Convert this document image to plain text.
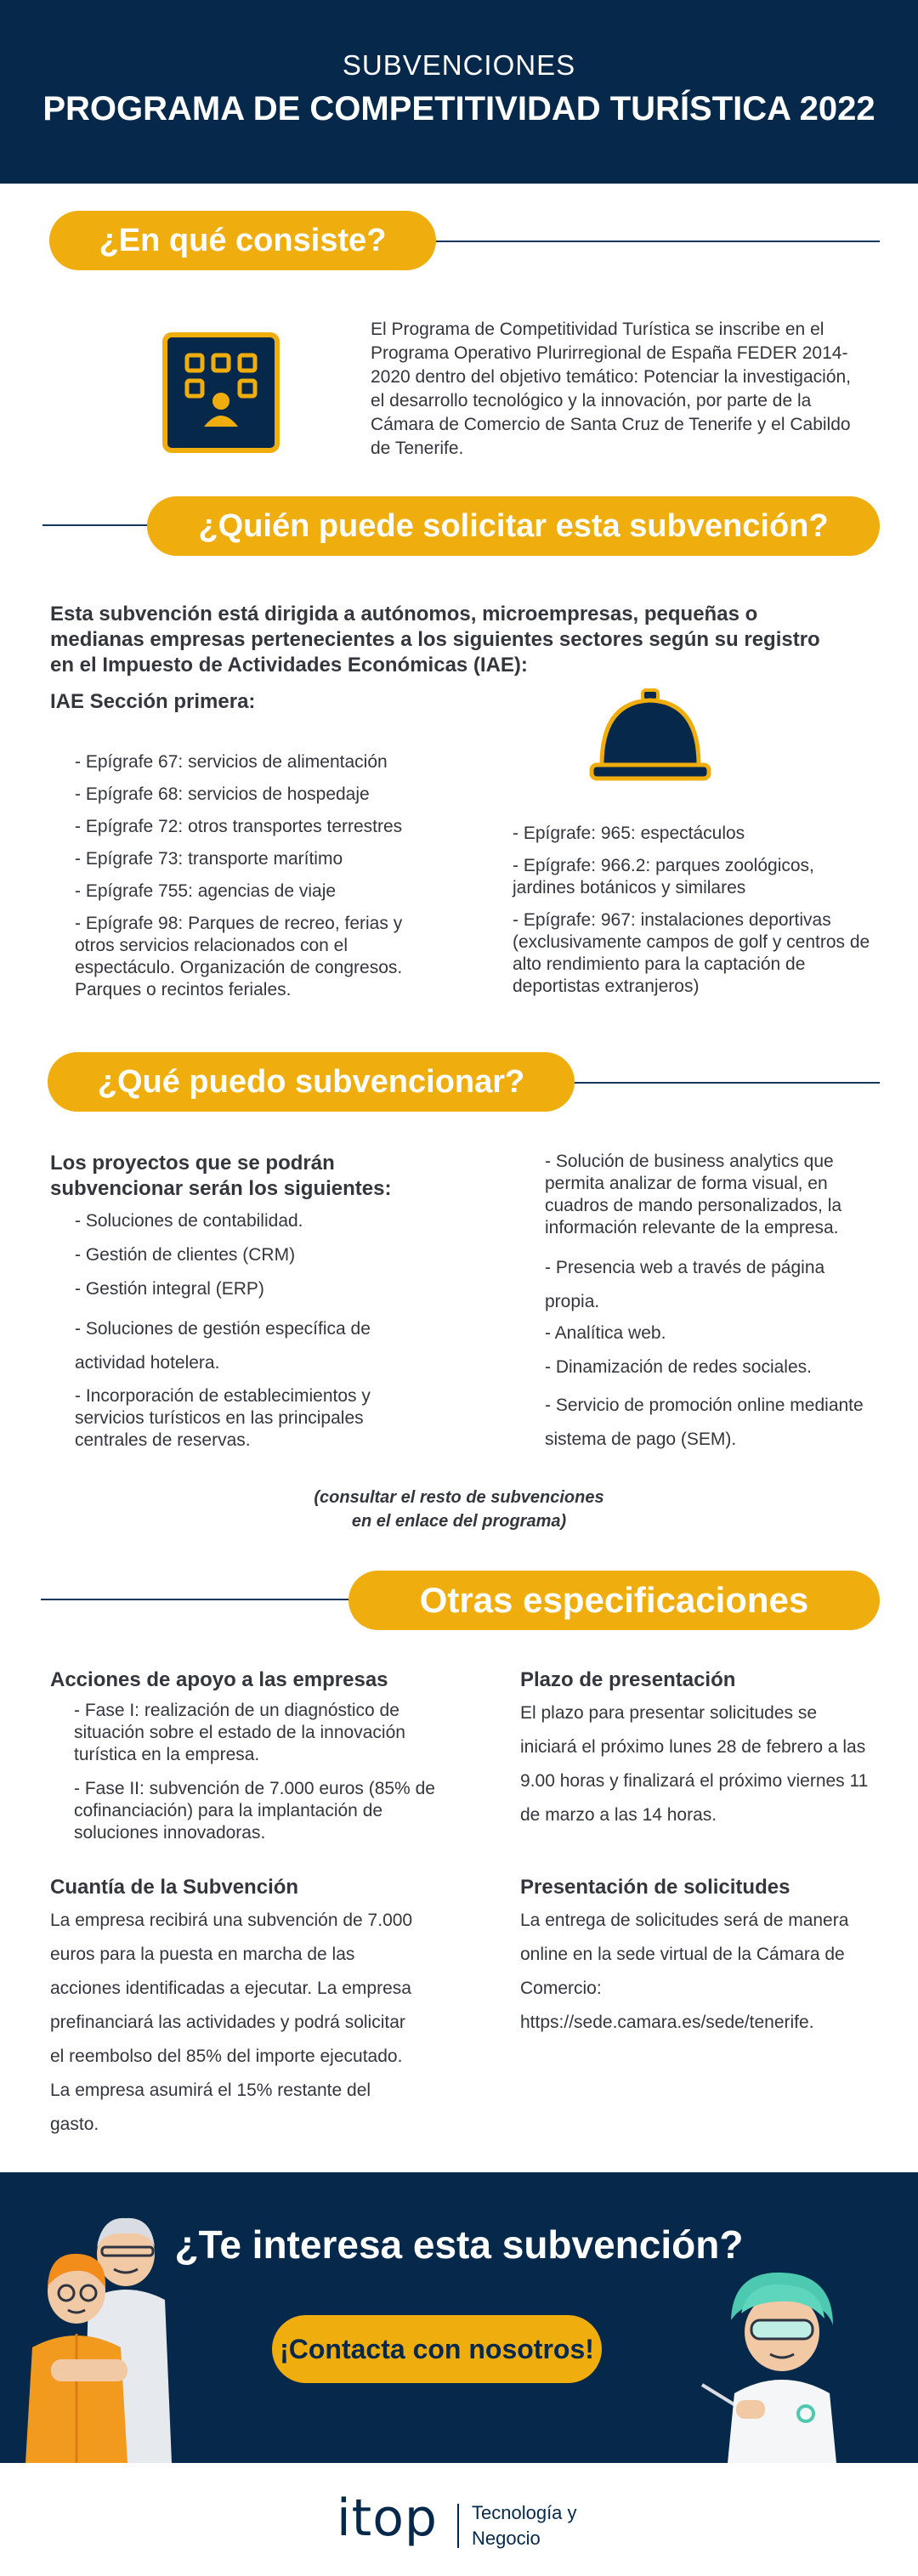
SUBVENCIONES
PROGRAMA DE COMPETITIVIDAD TURÍSTICA 2022
¿En qué consiste?
El Programa de Competitividad Turística se inscribe en el Programa Operativo Plurirregional de España FEDER 2014-2020 dentro del objetivo temático: Potenciar la investigación, el desarrollo tecnológico y la innovación, por parte de la Cámara de Comercio de Santa Cruz de Tenerife y el Cabildo de Tenerife.
¿Quién puede solicitar esta subvención?
Esta subvención está dirigida a autónomos, microempresas, pequeñas o medianas empresas pertenecientes a los siguientes sectores según su registro en el Impuesto de Actividades Económicas (IAE):
IAE Sección primera:
- Epígrafe 67: servicios de alimentación
- Epígrafe 68: servicios de hospedaje
- Epígrafe 72: otros transportes terrestres
- Epígrafe 73: transporte marítimo
- Epígrafe 755: agencias de viaje
- Epígrafe 98: Parques de recreo, ferias y otros servicios relacionados con el espectáculo. Organización de congresos. Parques o recintos feriales.
- Epígrafe: 965: espectáculos
- Epígrafe: 966.2: parques zoológicos, jardines botánicos y similares
- Epígrafe: 967: instalaciones deportivas (exclusivamente campos de golf y centros de alto rendimiento para la captación de deportistas extranjeros)
¿Qué puedo subvencionar?
Los proyectos que se podrán subvencionar serán los siguientes:
- Soluciones de contabilidad.
- Gestión de clientes (CRM)
- Gestión integral (ERP)
- Soluciones de gestión específica de actividad hotelera.
- Incorporación de establecimientos y servicios turísticos en las principales centrales de reservas.
- Solución de business analytics que permita analizar de forma visual, en cuadros de mando personalizados, la información relevante de la empresa.
- Presencia web a través de página propia.
- Analítica web.
- Dinamización de redes sociales.
- Servicio de promoción online mediante sistema de pago (SEM).
(consultar el resto de subvenciones
en el enlace del programa)
Otras especificaciones
Acciones de apoyo a las empresas
- Fase I: realización de un diagnóstico de situación sobre el estado de la innovación turística en la empresa.
- Fase II: subvención de 7.000 euros (85% de cofinanciación) para la implantación de soluciones innovadoras.
Plazo de presentación
El plazo para presentar solicitudes se iniciará el próximo lunes 28 de febrero a las 9.00 horas y finalizará el próximo viernes 11 de marzo a las 14 horas.
Cuantía de la Subvención
La empresa recibirá una subvención de 7.000 euros para la puesta en marcha de las acciones identificadas a ejecutar. La empresa prefinanciará las actividades y podrá solicitar el reembolso del 85% del importe ejecutado. La empresa asumirá el 15% restante del gasto.
Presentación de solicitudes
La entrega de solicitudes será de manera online en la sede virtual de la Cámara de Comercio: https://sede.camara.es/sede/tenerife.
¿Te interesa esta subvención?
¡Contacta con nosotros!
itop Tecnología y
Negocio
